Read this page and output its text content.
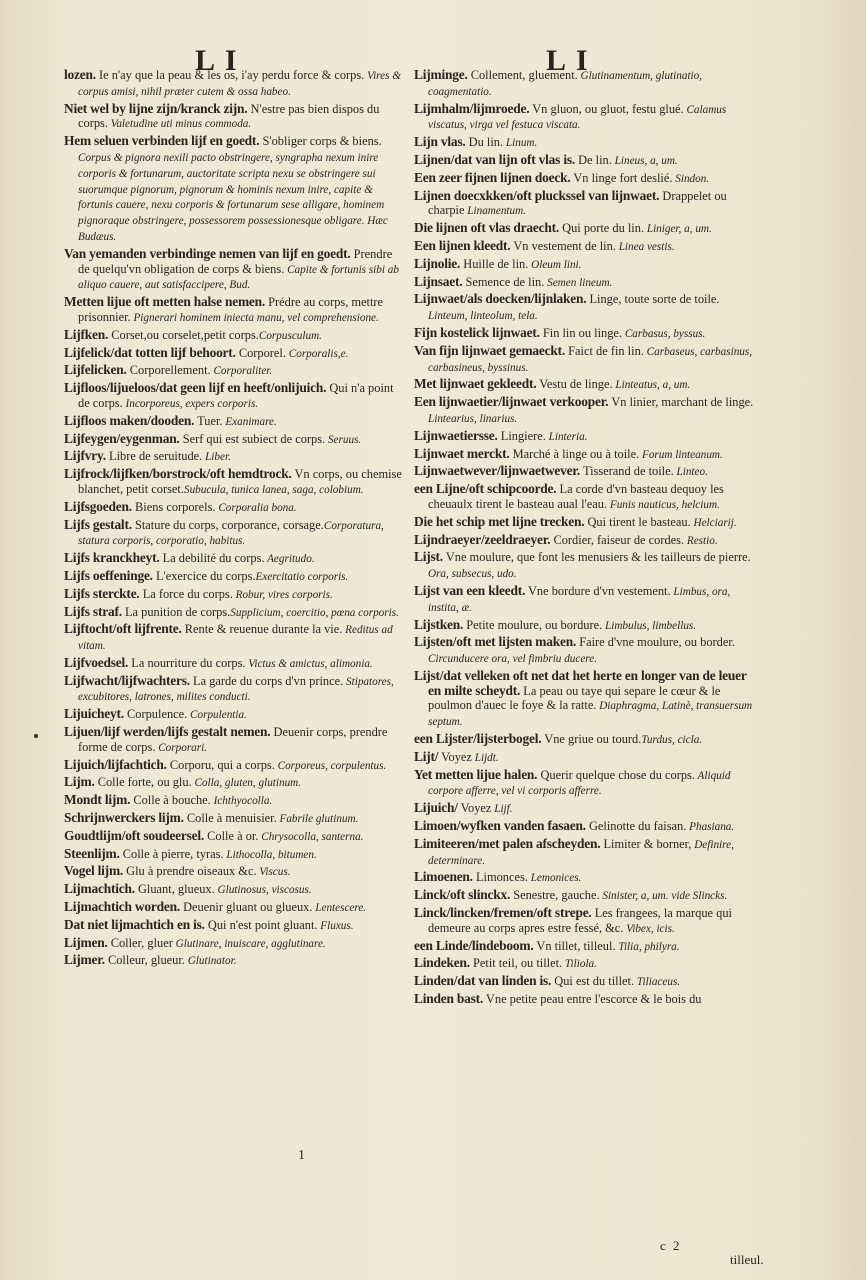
L I	L I

lozen. Ie n'ay que la peau & les os, i'ay perdu force & corps. Vires & corpus amisi, nihil præter cutem & ossa habeo.

Niet wel by lijne zijn/kranck zijn. N'estre pas bien dispos du corps. Valetudine uti minus commoda.

Hem seluen verbinden lijf en goedt. S'obliger corps & biens. Corpus & pignora nexili pacto obstringere, syngrapha nexum inire corporis & fortunarum, auctoritate scripta nexu se obstringere sui suorumque pignorum, pignorum & hominis nexum inire, capite & fortunis cauere, nexu corporis & fortunarum sese alligare, hominem pignoraque obstringere, possessorem possessionesque obligare. Hæc Budæus.

Van yemanden verbindinge nemen van lijf en goedt. Prendre de quelqu'vn obligation de corps & biens. Capite & fortunis sibi ab aliquo cauere, aut satisfaccipere, Bud.

Metten lijue oft metten halse nemen. Prédre au corps, mettre prisonnier. Pignerari hominem iniecta manu, vel comprehensione.

Lijfken. Corset,ou corselet,petit corps.Corpusculum.

Lijfelick/dat totten lijf behoort. Corporel. Corporalis,e.

Lijfelicken. Corporellement. Corporaliter.

Lijfloos/lijueloos/dat geen lijf en heeft/onlijuich. Qui n'a point de corps. Incorporeus, expers corporis.

Lijfloos maken/dooden. Tuer. Exanimare.

Lijfeygen/eygenman. Serf qui est subiect de corps. Seruus.

Lijfvry. Libre de seruitude. Liber.

Lijfrock/lijfken/borstrock/oft hemdtrock. Vn corps, ou chemise blanchet, petit corset.Subucula, tunica lanea, saga, colobium.

Lijfsgoeden. Biens corporels. Corporalia bona.

Lijfs gestalt. Stature du corps, corporance, corsage.Corporatura, statura corporis, corporatio, habitus.

Lijfs kranckheyt. La debilité du corps. Aegritudo.

Lijfs oeffeninge. L'exercice du corps.Exercitatio corporis.

Lijfs sterckte. La force du corps. Robur, vires corporis.

Lijfs straf. La punition de corps.Supplicium, coercitio, pœna corporis.

Lijftocht/oft lijfrente. Rente & reuenue durante la vie. Reditus ad vitam.

Lijfvoedsel. La nourriture du corps. Victus & amictus, alimonia.

Lijfwacht/lijfwachters. La garde du corps d'vn prince. Stipatores, excubitores, latrones, milites conducti.

Lijuicheyt. Corpulence. Corpulentia.

Lijuen/lijf werden/lijfs gestalt nemen. Deuenir corps, prendre forme de corps. Corporari.

Lijuich/lijfachtich. Corporu, qui a corps. Corporeus, corpulentus.

Lijm. Colle forte, ou glu. Colla, gluten, glutinum.

Mondt lijm. Colle à bouche. Ichthyocolla.

Schrijnwerckers lijm. Colle à menuisier. Fabrile glutinum.

Goudtlijm/oft soudeersel. Colle à or. Chrysocolla, santerna.

Steenlijm. Colle à pierre, tyras. Lithocolla, bitumen.

Vogel lijm. Glu à prendre oiseaux &c. Viscus.

Lijmachtich. Gluant, glueux. Glutinosus, viscosus.

Lijmachtich worden. Deuenir gluant ou glueux. Lentescere.

Dat niet lijmachtich en is. Qui n'est point gluant. Fluxus.

Lijmen. Coller, gluer Glutinare, inuiscare, agglutinare.

Lijmer. Colleur, glueur. Glutinator.

Lijminge. Collement, gluement. Glutinamentum, glutinatio, coagmentatio.

Lijmhalm/lijmroede. Vn gluon, ou gluot, festu glué. Calamus viscatus, virga vel festuca viscata.

Lijn vlas. Du lin. Linum.

Lijnen/dat van lijn oft vlas is. De lin. Lineus, a, um.

Een zeer fijnen lijnen doeck. Vn linge fort deslié. Sindon.

Lijnen doecxkken/oft pluckssel van lijnwaet. Drappelet ou charpie Linamentum.

Die lijnen oft vlas draecht. Qui porte du lin. Liniger, a, um.

Een lijnen kleedt. Vn vestement de lin. Linea vestis.

Lijnolie. Huille de lin. Oleum lini.

Lijnsaet. Semence de lin. Semen lineum.

Lijnwaet/als doecken/lijnlaken. Linge, toute sorte de toile. Linteum, linteolum, tela.

Fijn kostelick lijnwaet. Fin lin ou linge. Carbasus, byssus.

Van fijn lijnwaet gemaeckt. Faict de fin lin. Carbaseus, carbasinus, carbasineus, byssinus.

Met lijnwaet gekleedt. Vestu de linge. Linteatus, a, um.

Een lijnwaetier/lijnwaet verkooper. Vn linier, marchant de linge. Lintearius, linarius.

Lijnwaetiersse. Lingiere. Linteria.

Lijnwaet merckt. Marché à linge ou à toile. Forum linteanum.

Lijnwaetwever/lijnwaetwever. Tisserand de toile. Linteo.

een Lijne/oft schipcoorde. La corde d'vn basteau dequoy les cheuaulx tirent le basteau aual l'eau. Funis nauticus, helcium.

Die het schip met lijne trecken. Qui tirent le basteau. Helciarij.

Lijndraeyer/zeeldraeyer. Cordier, faiseur de cordes. Restio.

Lijst. Vne moulure, que font les menusiers & les tailleurs de pierre. Ora, subsecus, udo.

Lijst van een kleedt. Vne bordure d'vn vestement. Limbus, ora, instita, æ.

Lijstken. Petite moulure, ou bordure. Limbulus, limbellus.

Lijsten/oft met lijsten maken. Faire d'vne moulure, ou border. Circunducere ora, vel fimbriu ducere.

Lijst/dat velleken oft net dat het herte en longer van de leuer en milte scheydt. La peau ou taye qui separe le cœur & le poulmon d'auec le foye & la ratte. Diaphragma, Latinè, transuersum septum.

een Lijster/lijsterbogel. Vne griue ou tourd.Turdus, cicla.

Lijt/ Voyez Lijdt.

Yet metten lijue halen. Querir quelque chose du corps. Aliquid corpore afferre, vel vi corporis afferre.

Lijuich/ Voyez Lijf.

Limoen/wyfken vanden fasaen. Gelinotte du faisan. Phasiana.

Limiteeren/met palen afscheyden. Limiter & borner, Definire, determinare.

Limoenen. Limonces. Lemonices.

Linck/oft slinckx. Senestre, gauche. Sinister, a, um. vide Slincks.

Linck/lincken/fremen/oft strepe. Les frangees, la marque qui demeure au corps apres estre fessé, &c. Vibex, icis.

een Linde/lindeboom. Vn tillet, tilleul. Tilia, philyra.

Lindeken. Petit teil, ou tillet. Tiliola.

Linden/dat van linden is. Qui est du tillet. Tiliaceus.

Linden bast. Vne petite peau entre l'escorce & le bois du

1
c 2
tilleul.
